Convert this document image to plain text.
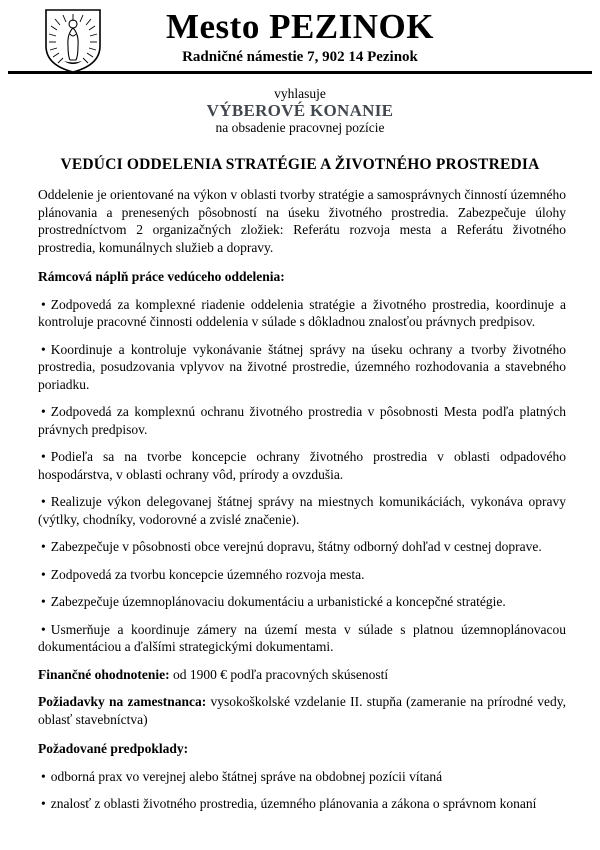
Mesto PEZINOK
Radničné námestie 7, 902 14 Pezinok
vyhlasuje
VÝBEROVÉ KONANIE
na obsadenie pracovnej pozície
VEDÚCI ODDELENIA STRATÉGIE A ŽIVOTNÉHO PROSTREDIA

Oddelenie je orientované na výkon v oblasti tvorby stratégie a samosprávnych činností územného plánovania a prenesených pôsobností na úseku životného prostredia. Zabezpečuje úlohy prostredníctvom 2 organizačných zložiek: Referátu rozvoja mesta a Referátu životného prostredia, komunálnych služieb a dopravy.

Rámcová náplň práce vedúceho oddelenia:

• Zodpovedá za komplexné riadenie oddelenia stratégie a životného prostredia, koordinuje a kontroluje pracovné činnosti oddelenia v súlade s dôkladnou znalosťou právnych predpisov.

• Koordinuje a kontroluje vykonávanie štátnej správy na úseku ochrany a tvorby životného prostredia, posudzovania vplyvov na životné prostredie, územného rozhodovania a stavebného poriadku.

• Zodpovedá za komplexnú ochranu životného prostredia v pôsobnosti Mesta podľa platných právnych predpisov.

• Podieľa sa na tvorbe koncepcie ochrany životného prostredia v oblasti odpadového hospodárstva, v oblasti ochrany vôd, prírody a ovzdušia.

• Realizuje výkon delegovanej štátnej správy na miestnych komunikáciách, vykonáva opravy (výtlky, chodníky, vodorovné a zvislé značenie).

• Zabezpečuje v pôsobnosti obce verejnú dopravu, štátny odborný dohľad v cestnej doprave.

• Zodpovedá za tvorbu koncepcie územného rozvoja mesta.

• Zabezpečuje územnoplánovaciu dokumentáciu a urbanistické a koncepčné stratégie.

• Usmerňuje a koordinuje zámery na území mesta v súlade s platnou územnoplánovacou dokumentáciou a ďalšími strategickými dokumentami.

Finančné ohodnotenie: od 1900 € podľa pracovných skúseností

Požiadavky na zamestnanca: vysokoškolské vzdelanie II. stupňa (zameranie na prírodné vedy, oblasť stavebníctva)

Požadované predpoklady:

• odborná prax vo verejnej alebo štátnej správe na obdobnej pozícii vítaná

• znalosť z oblasti životného prostredia, územného plánovania a zákona o správnom konaní
